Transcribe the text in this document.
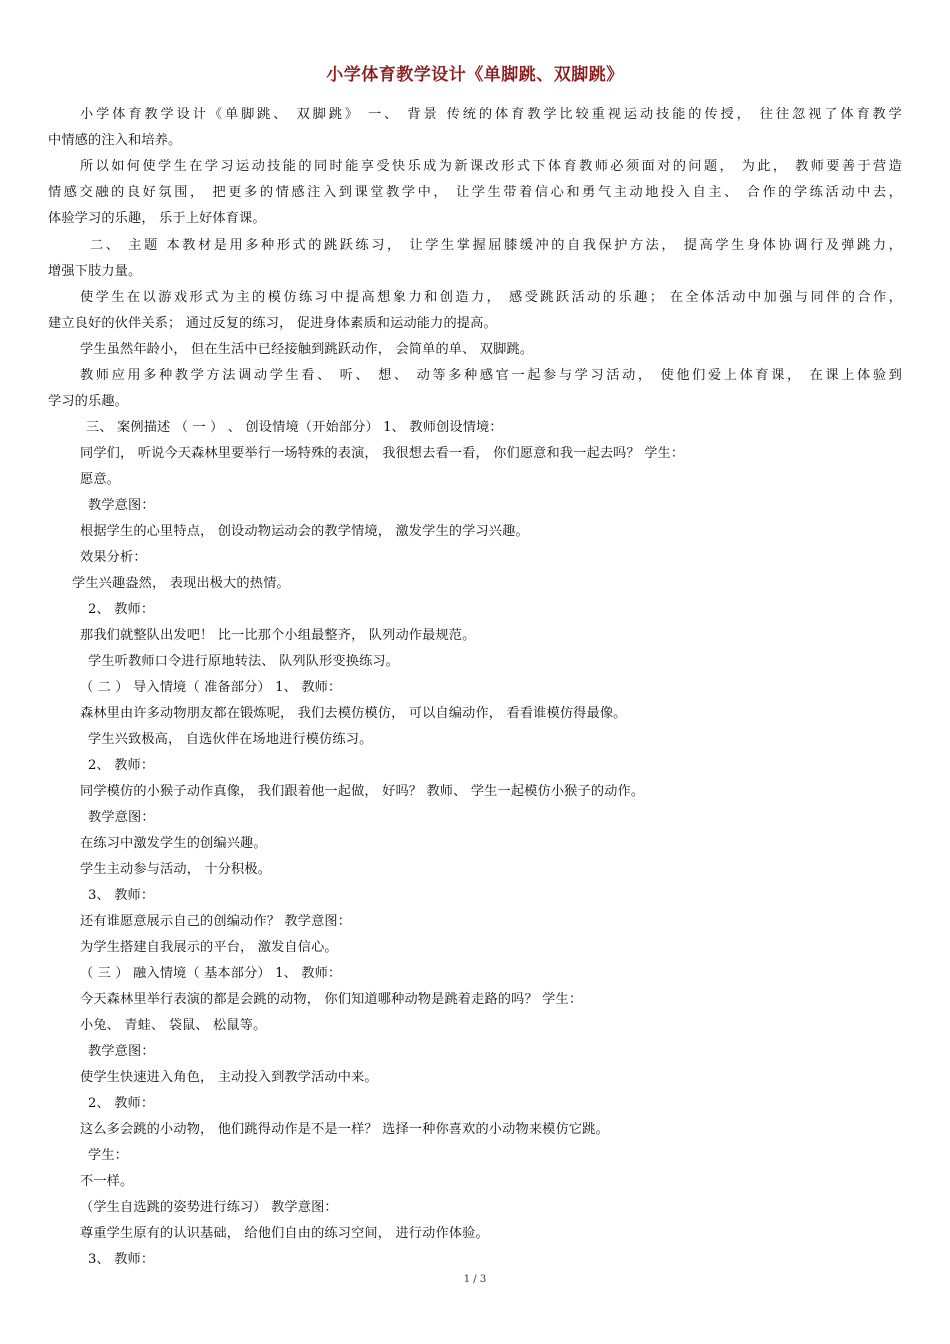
小学体育教学设计《单脚跳、双脚跳》
小学体育教学设计《单脚跳、 双脚跳》 一、 背景 传统的体育教学比较重视运动技能的传授， 往往忽视了体育教学
中情感的注入和培养。
所以如何使学生在学习运动技能的同时能享受快乐成为新课改形式下体育教师必须面对的问题， 为此， 教师要善于营造
情感交融的良好氛围， 把更多的情感注入到课堂教学中， 让学生带着信心和勇气主动地投入自主、 合作的学练活动中去，
体验学习的乐趣， 乐于上好体育课。
二、 主题 本教材是用多种形式的跳跃练习， 让学生掌握屈膝缓冲的自我保护方法， 提高学生身体协调行及弹跳力，
增强下肢力量。
使学生在以游戏形式为主的模仿练习中提高想象力和创造力， 感受跳跃活动的乐趣； 在全体活动中加强与同伴的合作，
建立良好的伙伴关系； 通过反复的练习， 促进身体素质和运动能力的提高。
学生虽然年龄小， 但在生活中已经接触到跳跃动作， 会简单的单、 双脚跳。
教师应用多种教学方法调动学生看、 听、 想、 动等多种感官一起参与学习活动， 使他们爱上体育课， 在课上体验到
学习的乐趣。
三、 案例描述 （ 一 ） 、 创设情境（开始部分） 1、 教师创设情境：
同学们， 听说今天森林里要举行一场特殊的表演， 我很想去看一看， 你们愿意和我一起去吗？ 学生：
愿意。
教学意图：
根据学生的心里特点， 创设动物运动会的教学情境， 激发学生的学习兴趣。
效果分析：
学生兴趣盎然， 表现出极大的热情。
2、 教师：
那我们就整队出发吧！ 比一比那个小组最整齐， 队列动作最规范。
学生听教师口令进行原地转法、 队列队形变换练习。
（ 二 ） 导入情境（ 准备部分） 1、 教师：
森林里由许多动物朋友都在锻炼呢， 我们去模仿模仿， 可以自编动作， 看看谁模仿得最像。
学生兴致极高， 自选伙伴在场地进行模仿练习。
2、 教师：
同学模仿的小猴子动作真像， 我们跟着他一起做， 好吗？ 教师、 学生一起模仿小猴子的动作。
教学意图：
在练习中激发学生的创编兴趣。
学生主动参与活动， 十分积极。
3、 教师：
还有谁愿意展示自己的创编动作？ 教学意图：
为学生搭建自我展示的平台， 激发自信心。
（ 三 ） 融入情境（ 基本部分） 1、 教师：
今天森林里举行表演的都是会跳的动物， 你们知道哪种动物是跳着走路的吗？ 学生：
小兔、 青蛙、 袋鼠、 松鼠等。
教学意图：
使学生快速进入角色， 主动投入到教学活动中来。
2、 教师：
这么多会跳的小动物， 他们跳得动作是不是一样？ 选择一种你喜欢的小动物来模仿它跳。
学生：
不一样。
（学生自选跳的姿势进行练习） 教学意图：
尊重学生原有的认识基础， 给他们自由的练习空间， 进行动作体验。
3、 教师：
1 / 3
